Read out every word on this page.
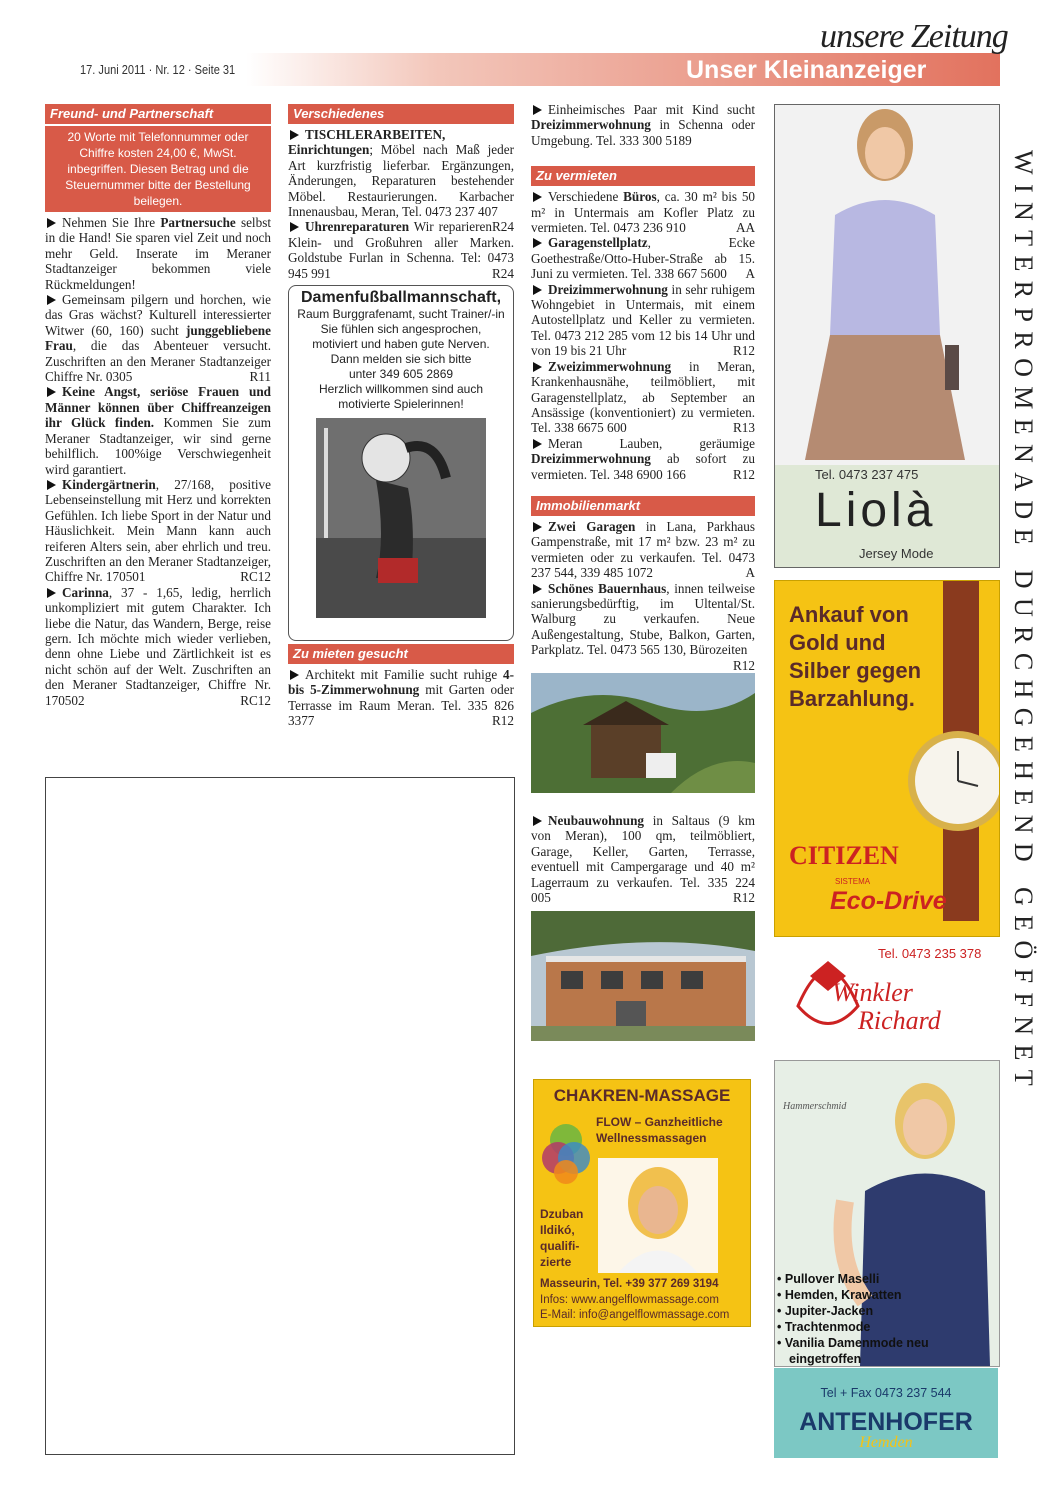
17. Juni 2011 · Nr. 12 · Seite 31
unsere Zeitung
Unser Kleinanzeiger
Freund- und Partnerschaft
20 Worte mit Telefonnummer oder Chiffre kosten 24,00 €, MwSt. inbegriffen. Diesen Betrag und die Steuernummer bitte der Bestellung beilegen.

Nehmen Sie Ihre Partnersuche selbst in die Hand! Sie sparen viel Zeit und noch mehr Geld. Inserate im Meraner Stadtanzeiger bekommen viele Rückmeldungen!

Gemeinsam pilgern und horchen, wie das Gras wächst? Kulturell interessierter Witwer (60, 160) sucht junggebliebene Frau, die das Abenteuer versucht. Zuschriften an den Meraner Stadtanzeiger Chiffre Nr. 0305	R11

Keine Angst, seriöse Frauen und Männer können über Chiffreanzeigen ihr Glück finden. Kommen Sie zum Meraner Stadtanzeiger, wir sind gerne behilflich. 100%ige Verschwiegenheit wird garantiert.

Kindergärtnerin, 27/168, positive Lebenseinstellung mit Herz und korrekten Gefühlen. Ich liebe Sport in der Natur und Häuslichkeit. Mein Mann kann auch reiferen Alters sein, aber ehrlich und treu. Zuschriften an den Meraner Stadtanzeiger, Chiffre Nr. 170501	RC12

Carinna, 37 - 1,65, ledig, herrlich unkompliziert mit gutem Charakter. Ich liebe die Natur, das Wandern, Berge, reise gern. Ich möchte mich wieder verlieben, denn ohne Liebe und Zärtlichkeit ist es nicht schön auf der Welt. Zuschriften an den Meraner Stadtanzeiger, Chiffre Nr. 170502	RC12

Verschiedenes

TISCHLERARBEITEN, Einrichtungen; Möbel nach Maß jeder Art kurzfristig lieferbar. Ergänzungen, Änderungen, Reparaturen bestehender Möbel. Restaurierungen. Karbacher Innenausbau, Meran, Tel. 0473 237 407
R24

Uhrenreparaturen Wir reparieren Klein- und Großuhren aller Marken. Goldstube Furlan in Schenna. Tel: 0473 945 991	R24

Damenfußballmannschaft,
Raum Burggrafenamt, sucht Trainer/-in
Sie fühlen sich angesprochen,
motiviert und haben gute Nerven.
Dann melden sie sich bitte
unter 349 605 2869
Herzlich willkommen sind auch
motivierte Spielerinnen!
Zu mieten gesucht

Architekt mit Familie sucht ruhige 4- bis 5-Zimmerwohnung mit Garten oder Terrasse im Raum Meran. Tel. 335 826 3377	R12

Einheimisches Paar mit Kind sucht Dreizimmerwohnung in Schenna oder Umgebung. Tel. 333 300 5189

Zu vermieten

Verschiedene Büros, ca. 30 m² bis 50 m² in Untermais am Kofler Platz zu vermieten. Tel. 0473 236 910	AA

Garagenstellplatz, Ecke Goethestraße/Otto-Huber-Straße ab 15. Juni zu vermieten. Tel. 338 667 5600 A

Dreizimmerwohnung in sehr ruhigem Wohngebiet in Untermais, mit einem Autostellplatz und Keller zu vermieten. Tel. 0473 212 285 vom 12 bis 14 Uhr und von 19 bis 21 Uhr	R12

Zweizimmerwohnung in Meran, Krankenhausnähe, teilmöbliert, mit Garagenstellplatz, ab September an Ansässige (konventioniert) zu vermieten. Tel. 338 6675 600	R13

Meran Lauben, geräumige Dreizimmerwohnung ab sofort zu vermieten. Tel. 348 6900 166	R12

Immobilienmarkt

Zwei Garagen in Lana, Parkhaus Gampenstraße, mit 17 m² bzw. 23 m² zu vermieten oder zu verkaufen. Tel. 0473 237 544, 339 485 1072	A

Schönes Bauernhaus, innen teilweise sanierungsbedürftig, im Ultental/St. Walburg zu verkaufen. Neue Außengestaltung, Stube, Balkon, Garten, Parkplatz. Tel. 0473 565 130, Bürozeiten
R12

Neubauwohnung in Saltaus (9 km von Meran), 100 qm, teilmöbliert, Garage, Keller, Garten, Terrasse, eventuell mit Campergarage und 40 m² Lagerraum zu verkaufen. Tel. 335 224 005	R12

CHAKREN-MASSAGE
FLOW – Ganzheitliche Wellnessmassagen
Dzuban Ildikó, qualifi- zierte
Masseurin, Tel. +39 377 269 3194
Infos: www.angelflowmassage.com
E-Mail: info@angelflowmassage.com
Tel. 0473 237 475
Liolà
Jersey Mode
Ankauf von Gold und Silber gegen Barzahlung.
CITIZEN
SISTEMA
Eco-Drive
Tel. 0473 235 378
Winkler
Richard
Hammerschmid
• Pullover Maselli
• Hemden, Krawatten
• Jupiter-Jacken
• Trachtenmode
• Vanilia Damenmode neu eingetroffen
Tel + Fax 0473 237 544
ANTENHOFER
Hemden
WINTERPROMENADE DURCHGEHEND GEÖFFNET
